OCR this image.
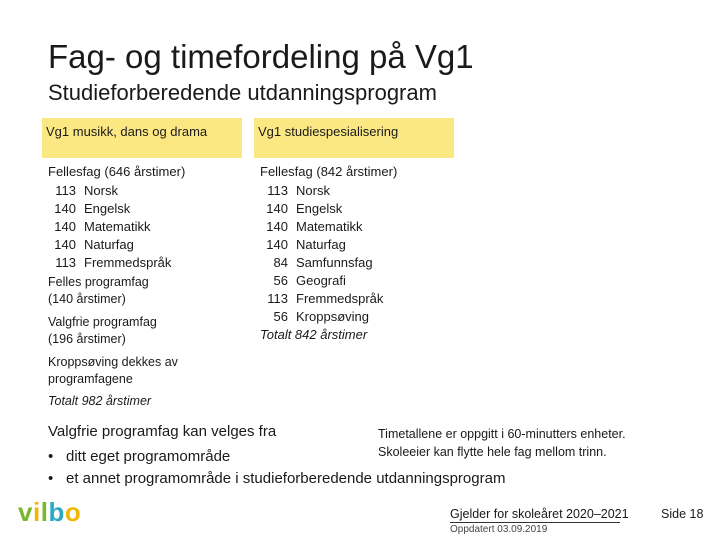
Fag- og timefordeling på Vg1
Studieforberedende utdanningsprogram
Vg1 musikk, dans og drama	Vg1 studiespesialisering
Fellesfag (646 årstimer)
113 Norsk
140 Engelsk
140 Matematikk
140 Naturfag
113 Fremmedspråk
Felles programfag
(140 årstimer)
Valgfrie programfag
(196 årstimer)
Kroppsøving dekkes av
programfagene
Totalt 982 årstimer
Fellesfag (842 årstimer)
113 Norsk
140 Engelsk
140 Matematikk
140 Naturfag
84 Samfunnsfag
56 Geografi
113 Fremmedspråk
56 Kroppsøving
Totalt 842 årstimer
Valgfrie programfag kan velges fra
• ditt eget programområde
• et annet programområde i studieforberedende utdanningsprogram
Timetallene er oppgitt i 60-minutters enheter.
Skoleeier kan flytte hele fag mellom trinn.
vilbo	Gjelder for skoleåret 2020–2021
Oppdatert 03.09.2019
Side 18
